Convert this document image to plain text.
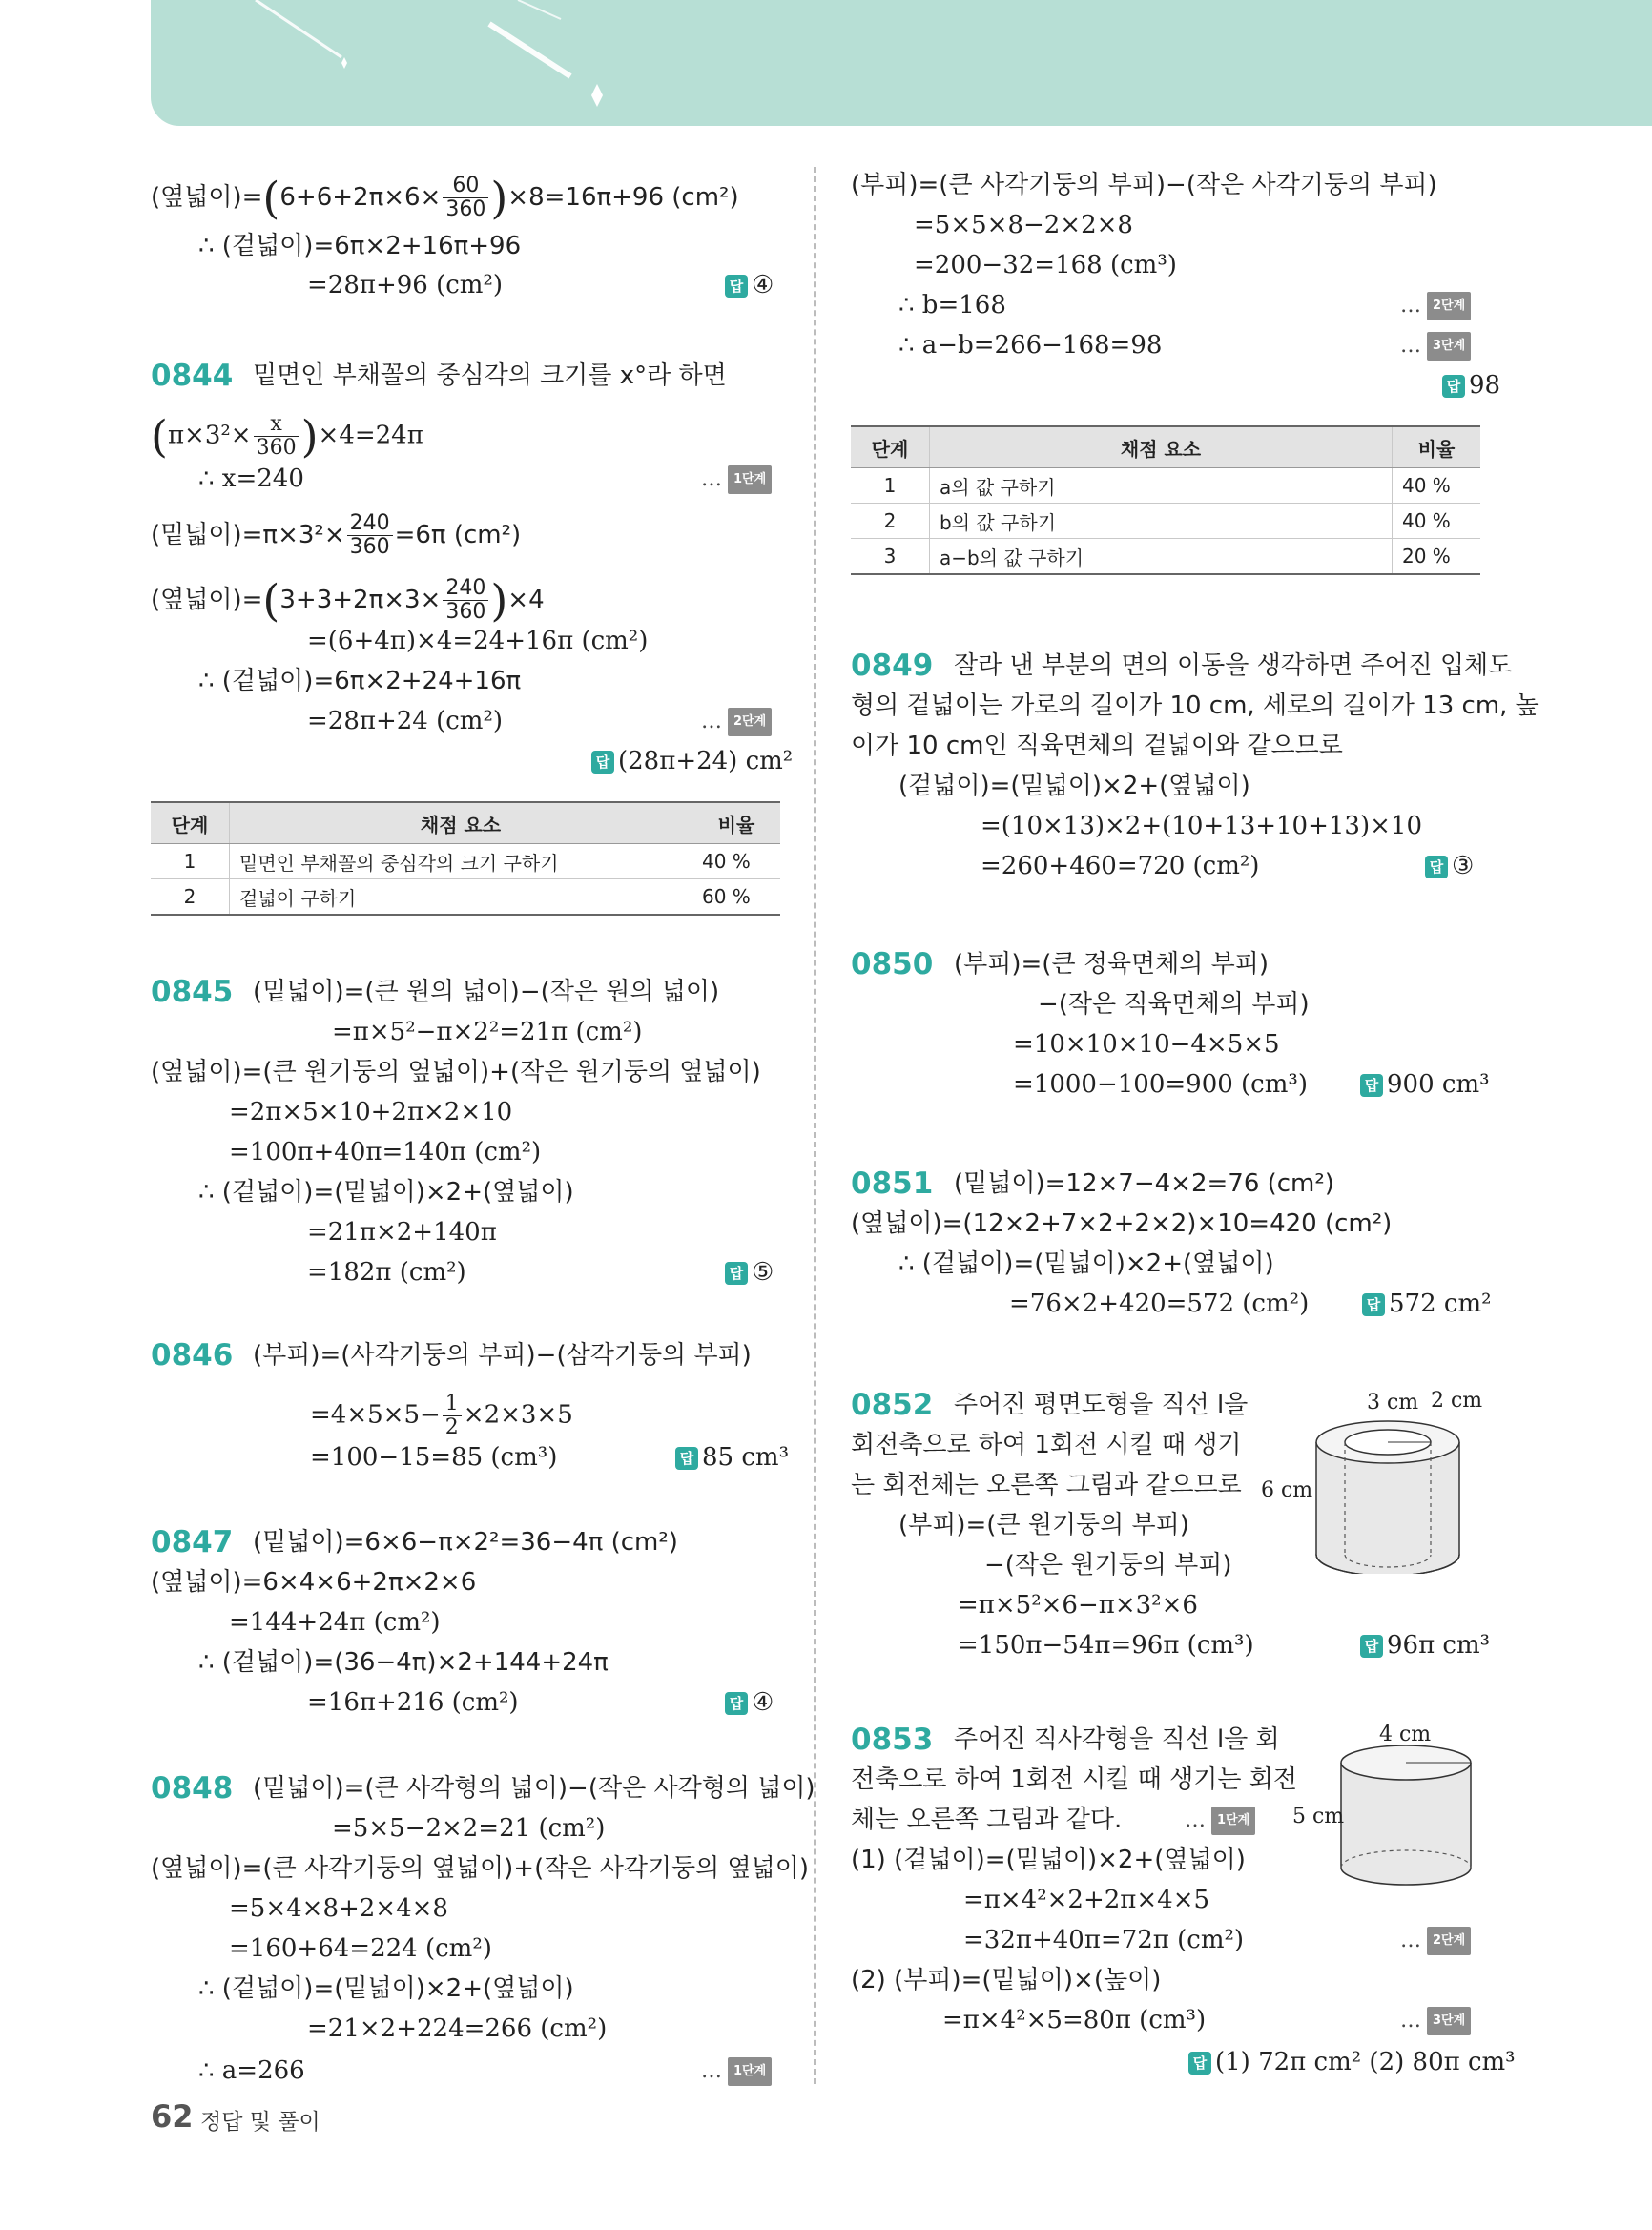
(옆넓이)$=(6+6+2\pi\times 6\times \frac{60}{360} )\times 8=16\pi+96$ (cm²)
∴ (겉넓이)=6π×2+16π+96
=28π+96 (cm²)	답 ④
0844 밑면인 부채꼴의 중심각의 크기를 x°라 하면
$(\pi\times 3^2\times \frac{x}{360} )\times 4=24\pi$
∴ x=240	… 1단계
(밑넓이)$=\pi\times 3^2\times \frac{240}{360} =6\pi$ (cm²)
(옆넓이)$=(3+3+2\pi\times 3\times \frac{240}{360} )\times 4$
=(6+4π)×4=24+16π (cm²)
∴ (겉넓이)=6π×2+24+16π
=28π+24 (cm²)	… 2단계
답 (28π+24) cm²
단계	채점 요소	비율
1	밑면인 부채꼴의 중심각의 크기 구하기	40 %
2	겉넓이 구하기	60 %
0845 (밑넓이)=(큰 원의 넓이)−(작은 원의 넓이)
=π×5²−π×2²=21π (cm²)
(옆넓이)=(큰 원기둥의 옆넓이)+(작은 원기둥의 옆넓이)
=2π×5×10+2π×2×10
=100π+40π=140π (cm²)
∴ (겉넓이)=(밑넓이)×2+(옆넓이)
=21π×2+140π
=182π (cm²)	답 ⑤
0846 (부피)=(사각기둥의 부피)−(삼각기둥의 부피)
$=4\times 5\times 5- \frac{1}{2} \times 2\times 3\times 5$
=100−15=85 (cm³)	답 85 cm³
0847 (밑넓이)=6×6−π×2²=36−4π (cm²)
(옆넓이)=6×4×6+2π×2×6
=144+24π (cm²)
∴ (겉넓이)=(36−4π)×2+144+24π
=16π+216 (cm²)	답 ④
0848 (밑넓이)=(큰 사각형의 넓이)−(작은 사각형의 넓이)
=5×5−2×2=21 (cm²)
(옆넓이)=(큰 사각기둥의 옆넓이)+(작은 사각기둥의 옆넓이)
=5×4×8+2×4×8
=160+64=224 (cm²)
∴ (겉넓이)=(밑넓이)×2+(옆넓이)
=21×2+224=266 (cm²)
∴ a=266	… 1단계
62 정답 및 풀이
(부피)=(큰 사각기둥의 부피)−(작은 사각기둥의 부피)
=5×5×8−2×2×8
=200−32=168 (cm³)
∴ b=168	… 2단계
∴ a−b=266−168=98	… 3단계
답 98
단계	채점 요소	비율
1	a의 값 구하기	40 %
2	b의 값 구하기	40 %
3	a−b의 값 구하기	20 %
0849 잘라 낸 부분의 면의 이동을 생각하면 주어진 입체도
형의 겉넓이는 가로의 길이가 10 cm, 세로의 길이가 13 cm, 높
이가 10 cm인 직육면체의 겉넓이와 같으므로
(겉넓이)=(밑넓이)×2+(옆넓이)
=(10×13)×2+(10+13+10+13)×10
=260+460=720 (cm²)	답 ③
0850 (부피)=(큰 정육면체의 부피)
−(작은 직육면체의 부피)
=10×10×10−4×5×5
=1000−100=900 (cm³)	답 900 cm³
0851 (밑넓이)=12×7−4×2=76 (cm²)
(옆넓이)=(12×2+7×2+2×2)×10=420 (cm²)
∴ (겉넓이)=(밑넓이)×2+(옆넓이)
=76×2+420=572 (cm²)	답 572 cm²
0852 주어진 평면도형을 직선 l을
회전축으로 하여 1회전 시킬 때 생기
는 회전체는 오른쪽 그림과 같으므로
(부피)=(큰 원기둥의 부피)
−(작은 원기둥의 부피)
=π×5²×6−π×3²×6
=150π−54π=96π (cm³)	답 96π cm³
3 cm 2 cm
6 cm
0853 주어진 직사각형을 직선 l을 회
전축으로 하여 1회전 시킬 때 생기는 회전
체는 오른쪽 그림과 같다.	… 1단계
(1) (겉넓이)=(밑넓이)×2+(옆넓이)
=π×4²×2+2π×4×5
=32π+40π=72π (cm²)	… 2단계
(2) (부피)=(밑넓이)×(높이)
=π×4²×5=80π (cm³)	… 3단계
답 (1) 72π cm² (2) 80π cm³
4 cm
5 cm
